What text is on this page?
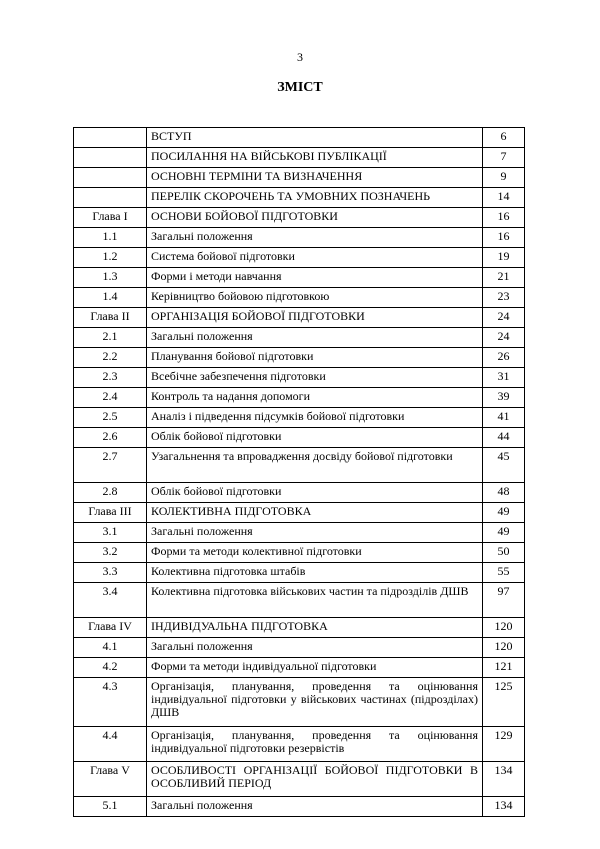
3
ЗМІСТ
	ВСТУП	6
	ПОСИЛАННЯ НА ВІЙСЬКОВІ ПУБЛІКАЦІЇ	7
	ОСНОВНІ ТЕРМІНИ ТА ВИЗНАЧЕННЯ	9
	ПЕРЕЛІК СКОРОЧЕНЬ ТА УМОВНИХ ПОЗНАЧЕНЬ	14
Глава I	ОСНОВИ БОЙОВОЇ ПІДГОТОВКИ	16
1.1	Загальні положення	16
1.2	Система бойової підготовки	19
1.3	Форми і методи навчання	21
1.4	Керівництво бойовою підготовкою	23
Глава II	ОРГАНІЗАЦІЯ БОЙОВОЇ ПІДГОТОВКИ	24
2.1	Загальні положення	24
2.2	Планування бойової підготовки	26
2.3	Всебічне забезпечення підготовки	31
2.4	Контроль та надання допомоги	39
2.5	Аналіз і підведення підсумків бойової підготовки	41
2.6	Облік бойової підготовки	44
2.7	Узагальнення та впровадження досвіду бойової підготовки	45
2.8	Облік бойової підготовки	48
Глава III	КОЛЕКТИВНА ПІДГОТОВКА	49
3.1	Загальні положення	49
3.2	Форми та методи колективної підготовки	50
3.3	Колективна підготовка штабів	55
3.4	Колективна підготовка військових частин та підрозділів ДШВ	97
Глава IV	ІНДИВІДУАЛЬНА ПІДГОТОВКА	120
4.1	Загальні положення	120
4.2	Форми та методи індивідуальної підготовки	121
4.3	Організація, планування, проведення та оцінювання індивідуальної підготовки у військових частинах (підрозділах) ДШВ	125
4.4	Організація, планування, проведення та оцінювання індивідуальної підготовки резервістів	129
Глава V	ОСОБЛИВОСТІ ОРГАНІЗАЦІЇ БОЙОВОЇ ПІДГОТОВКИ В ОСОБЛИВИЙ ПЕРІОД	134
5.1	Загальні положення	134
